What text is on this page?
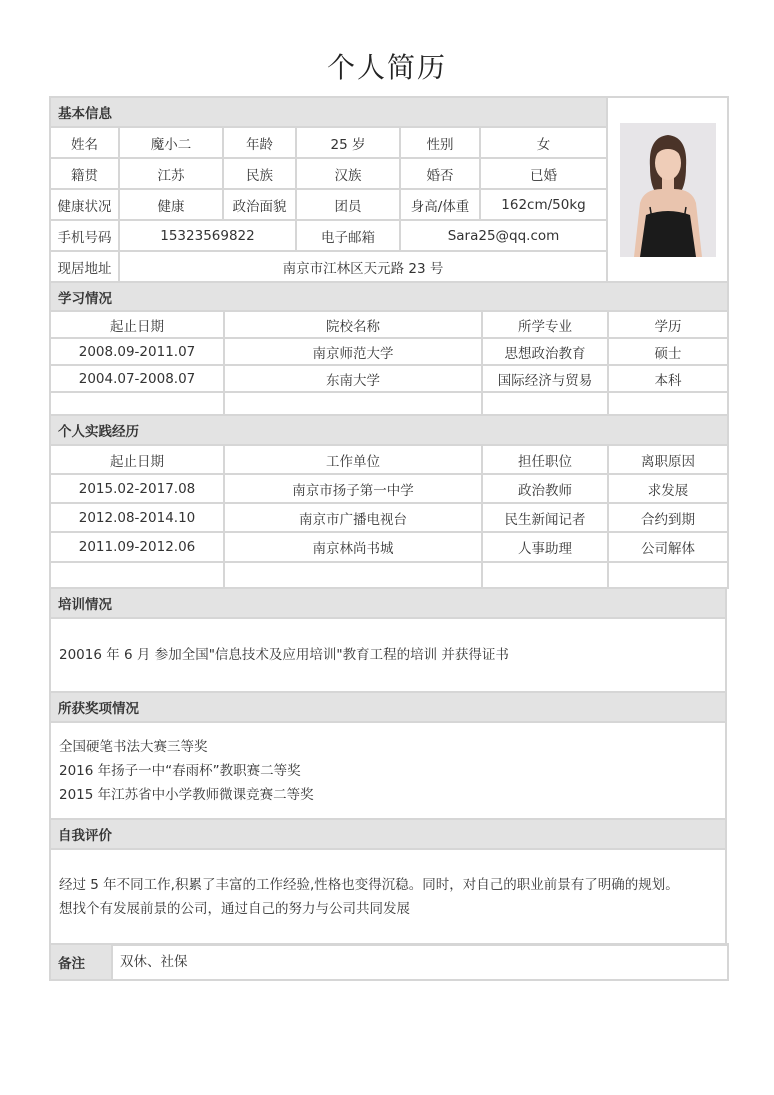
个人简历
基本信息	

姓名	魔小二	年龄	25 岁	性别	女	
籍贯	江苏	民族	汉族	婚否	已婚	
健康状况	健康	政治面貌	团员	身高/体重	162cm/50kg	
手机号码	15323569822		电子邮箱	Sara25@qq.com		
现居地址	南京市江林区天元路 23 号					
学习情况			
起止日期	院校名称	所学专业	学历
2008.09-2011.07	南京师范大学	思想政治教育	硕士
2004.07-2008.07	东南大学	国际经济与贸易	本科

个人实践经历			
起止日期	工作单位	担任职位	离职原因
2015.02-2017.08	南京市扬子第一中学	政治教师	求发展
2012.08-2014.10	南京市广播电视台	民生新闻记者	合约到期
2011.09-2012.06	南京林尚书城	人事助理	公司解体

培训情况
20016 年 6 月 参加全国"信息技术及应用培训"教育工程的培训 并获得证书
所获奖项情况

全国硬笔书法大赛三等奖
2016 年扬子一中“春雨杯”教职赛二等奖
2015 年江苏省中小学教师微课竞赛二等奖
自我评价

经过 5 年不同工作,积累了丰富的工作经验,性格也变得沉稳。同时，对自己的职业前景有了明确的规划。
想找个有发展前景的公司，通过自己的努力与公司共同发展
备注	双休、社保
